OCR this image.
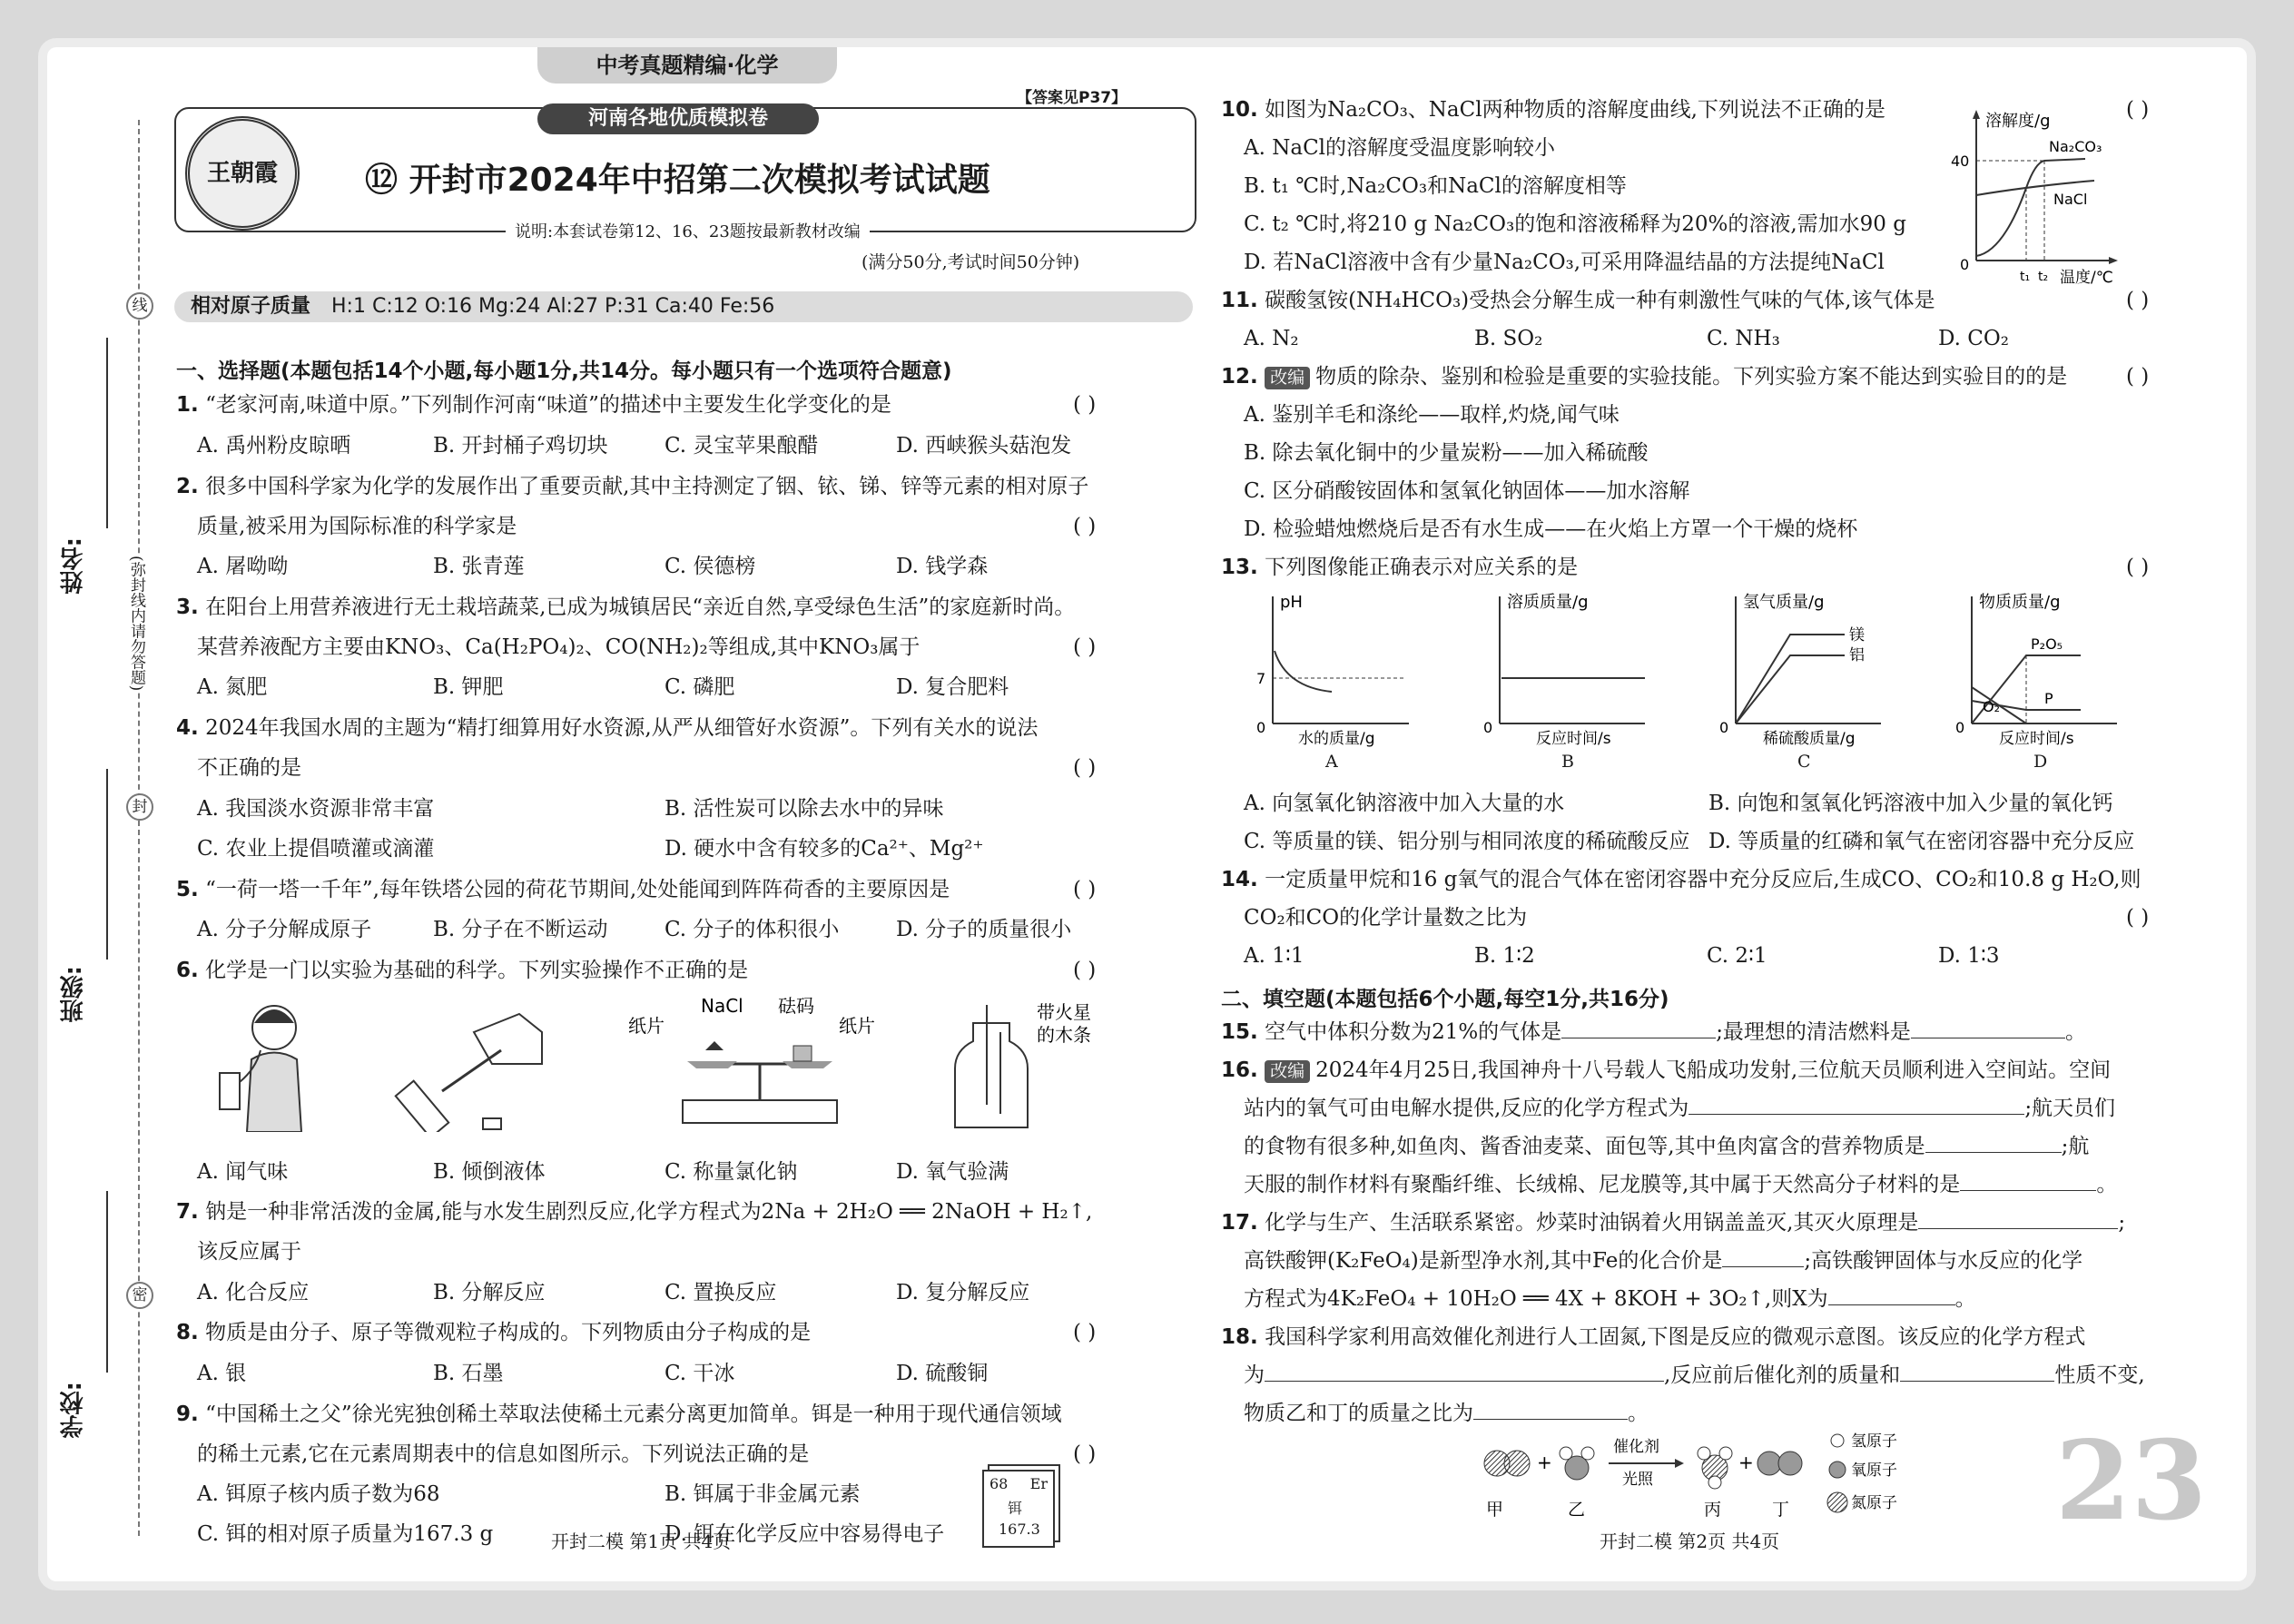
中考真题精编·化学
【答案见P37】
河南各地优质模拟卷
王朝霞	⑫ 开封市2024年中招第二次模拟考试试题
说明:本套试卷第12、16、23题按最新教材改编
(满分50分,考试时间50分钟)
相对原子质量 H:1 C:12 O:16 Mg:24 Al:27 P:31 Ca:40 Fe:56
姓名:
班级:
学校:
线
封
密
(弥封线内请勿答题)
一、选择题(本题包括14个小题,每小题1分,共14分。每小题只有一个选项符合题意)
1. “老家河南,味道中原。”下列制作河南“味道”的描述中主要发生化学变化的是	( )
A. 禹州粉皮晾晒	B. 开封桶子鸡切块	C. 灵宝苹果酿醋	D. 西峡猴头菇泡发
2. 很多中国科学家为化学的发展作出了重要贡献,其中主持测定了铟、铱、锑、锌等元素的相对原子
质量,被采用为国际标准的科学家是	( )
A. 屠呦呦	B. 张青莲	C. 侯德榜	D. 钱学森
3. 在阳台上用营养液进行无土栽培蔬菜,已成为城镇居民“亲近自然,享受绿色生活”的家庭新时尚。
某营养液配方主要由KNO₃、Ca(H₂PO₄)₂、CO(NH₂)₂等组成,其中KNO₃属于	( )
A. 氮肥	B. 钾肥	C. 磷肥	D. 复合肥料
4. 2024年我国水周的主题为“精打细算用好水资源,从严从细管好水资源”。下列有关水的说法
不正确的是	( )
A. 我国淡水资源非常丰富	B. 活性炭可以除去水中的异味
C. 农业上提倡喷灌或滴灌	D. 硬水中含有较多的Ca²⁺、Mg²⁺
5. “一荷一塔一千年”,每年铁塔公园的荷花节期间,处处能闻到阵阵荷香的主要原因是	( )
A. 分子分解成原子	B. 分子在不断运动	C. 分子的体积很小	D. 分子的质量很小
6. 化学是一门以实验为基础的科学。下列实验操作不正确的是	( )
NaCl 砝码
纸片	纸片
带火星
的木条
A. 闻气味	B. 倾倒液体	C. 称量氯化钠	D. 氧气验满
7. 钠是一种非常活泼的金属,能与水发生剧烈反应,化学方程式为2Na + 2H₂O ══ 2NaOH + H₂↑,
该反应属于
A. 化合反应	B. 分解反应	C. 置换反应	D. 复分解反应
8. 物质是由分子、原子等微观粒子构成的。下列物质由分子构成的是	( )
A. 银	B. 石墨	C. 干冰	D. 硫酸铜
9. “中国稀土之父”徐光宪独创稀土萃取法使稀土元素分离更加简单。铒是一种用于现代通信领域
的稀土元素,它在元素周期表中的信息如图所示。下列说法正确的是	( )
A. 铒原子核内质子数为68	B. 铒属于非金属元素
C. 铒的相对原子质量为167.3 g	D. 铒在化学反应中容易得电子
68 Er
铒
167.3
开封二模 第1页 共4页
10. 如图为Na₂CO₃、NaCl两种物质的溶解度曲线,下列说法不正确的是	( )
A. NaCl的溶解度受温度影响较小
B. t₁ ℃时,Na₂CO₃和NaCl的溶解度相等
C. t₂ ℃时,将210 g Na₂CO₃的饱和溶液稀释为20%的溶液,需加水90 g
D. 若NaCl溶液中含有少量Na₂CO₃,可采用降温结晶的方法提纯NaCl
溶解度/g
40
0
t₁ t₂ 温度/℃
Na₂CO₃
NaCl
11. 碳酸氢铵(NH₄HCO₃)受热会分解生成一种有刺激性气味的气体,该气体是	( )
A. N₂	B. SO₂	C. NH₃	D. CO₂
12. 改编 物质的除杂、鉴别和检验是重要的实验技能。下列实验方案不能达到实验目的的是	( )
A. 鉴别羊毛和涤纶——取样,灼烧,闻气味
B. 除去氧化铜中的少量炭粉——加入稀硫酸
C. 区分硝酸铵固体和氢氧化钠固体——加水溶解
D. 检验蜡烛燃烧后是否有水生成——在火焰上方罩一个干燥的烧杯
13. 下列图像能正确表示对应关系的是	( )
pH
7
0
水的质量/g
溶质质量/g
0
反应时间/s
氢气质量/g
0
镁
铝
稀硫酸质量/g
物质质量/g
0
P₂O₅
O₂	P
反应时间/s
A	B	C	D
A. 向氢氧化钠溶液中加入大量的水	B. 向饱和氢氧化钙溶液中加入少量的氧化钙
C. 等质量的镁、铝分别与相同浓度的稀硫酸反应 D. 等质量的红磷和氧气在密闭容器中充分反应
14. 一定质量甲烷和16 g氧气的混合气体在密闭容器中充分反应后,生成CO、CO₂和10.8 g H₂O,则
CO₂和CO的化学计量数之比为	( )
A. 1∶1	B. 1∶2	C. 2∶1	D. 1∶3
二、填空题(本题包括6个小题,每空1分,共16分)
15. 空气中体积分数为21%的气体是	;最理想的清洁燃料是	。
16. 改编 2024年4月25日,我国神舟十八号载人飞船成功发射,三位航天员顺利进入空间站。空间
站内的氧气可由电解水提供,反应的化学方程式为	;航天员们
的食物有很多种,如鱼肉、酱香油麦菜、面包等,其中鱼肉富含的营养物质是	;航
天服的制作材料有聚酯纤维、长绒棉、尼龙膜等,其中属于天然高分子材料的是	。
17. 化学与生产、生活联系紧密。炒菜时油锅着火用锅盖盖灭,其灭火原理是	;
高铁酸钾(K₂FeO₄)是新型净水剂,其中Fe的化合价是	;高铁酸钾固体与水反应的化学
方程式为4K₂FeO₄ + 10H₂O ══ 4X + 8KOH + 3O₂↑,则X为	。
18. 我国科学家利用高效催化剂进行人工固氮,下图是反应的微观示意图。该反应的化学方程式
为	,反应前后催化剂的质量和	性质不变,
物质乙和丁的质量之比为	。
+
催化剂
光照
+
甲	乙	丙	丁
氢原子
氧原子
氮原子 23
开封二模 第2页 共4页
